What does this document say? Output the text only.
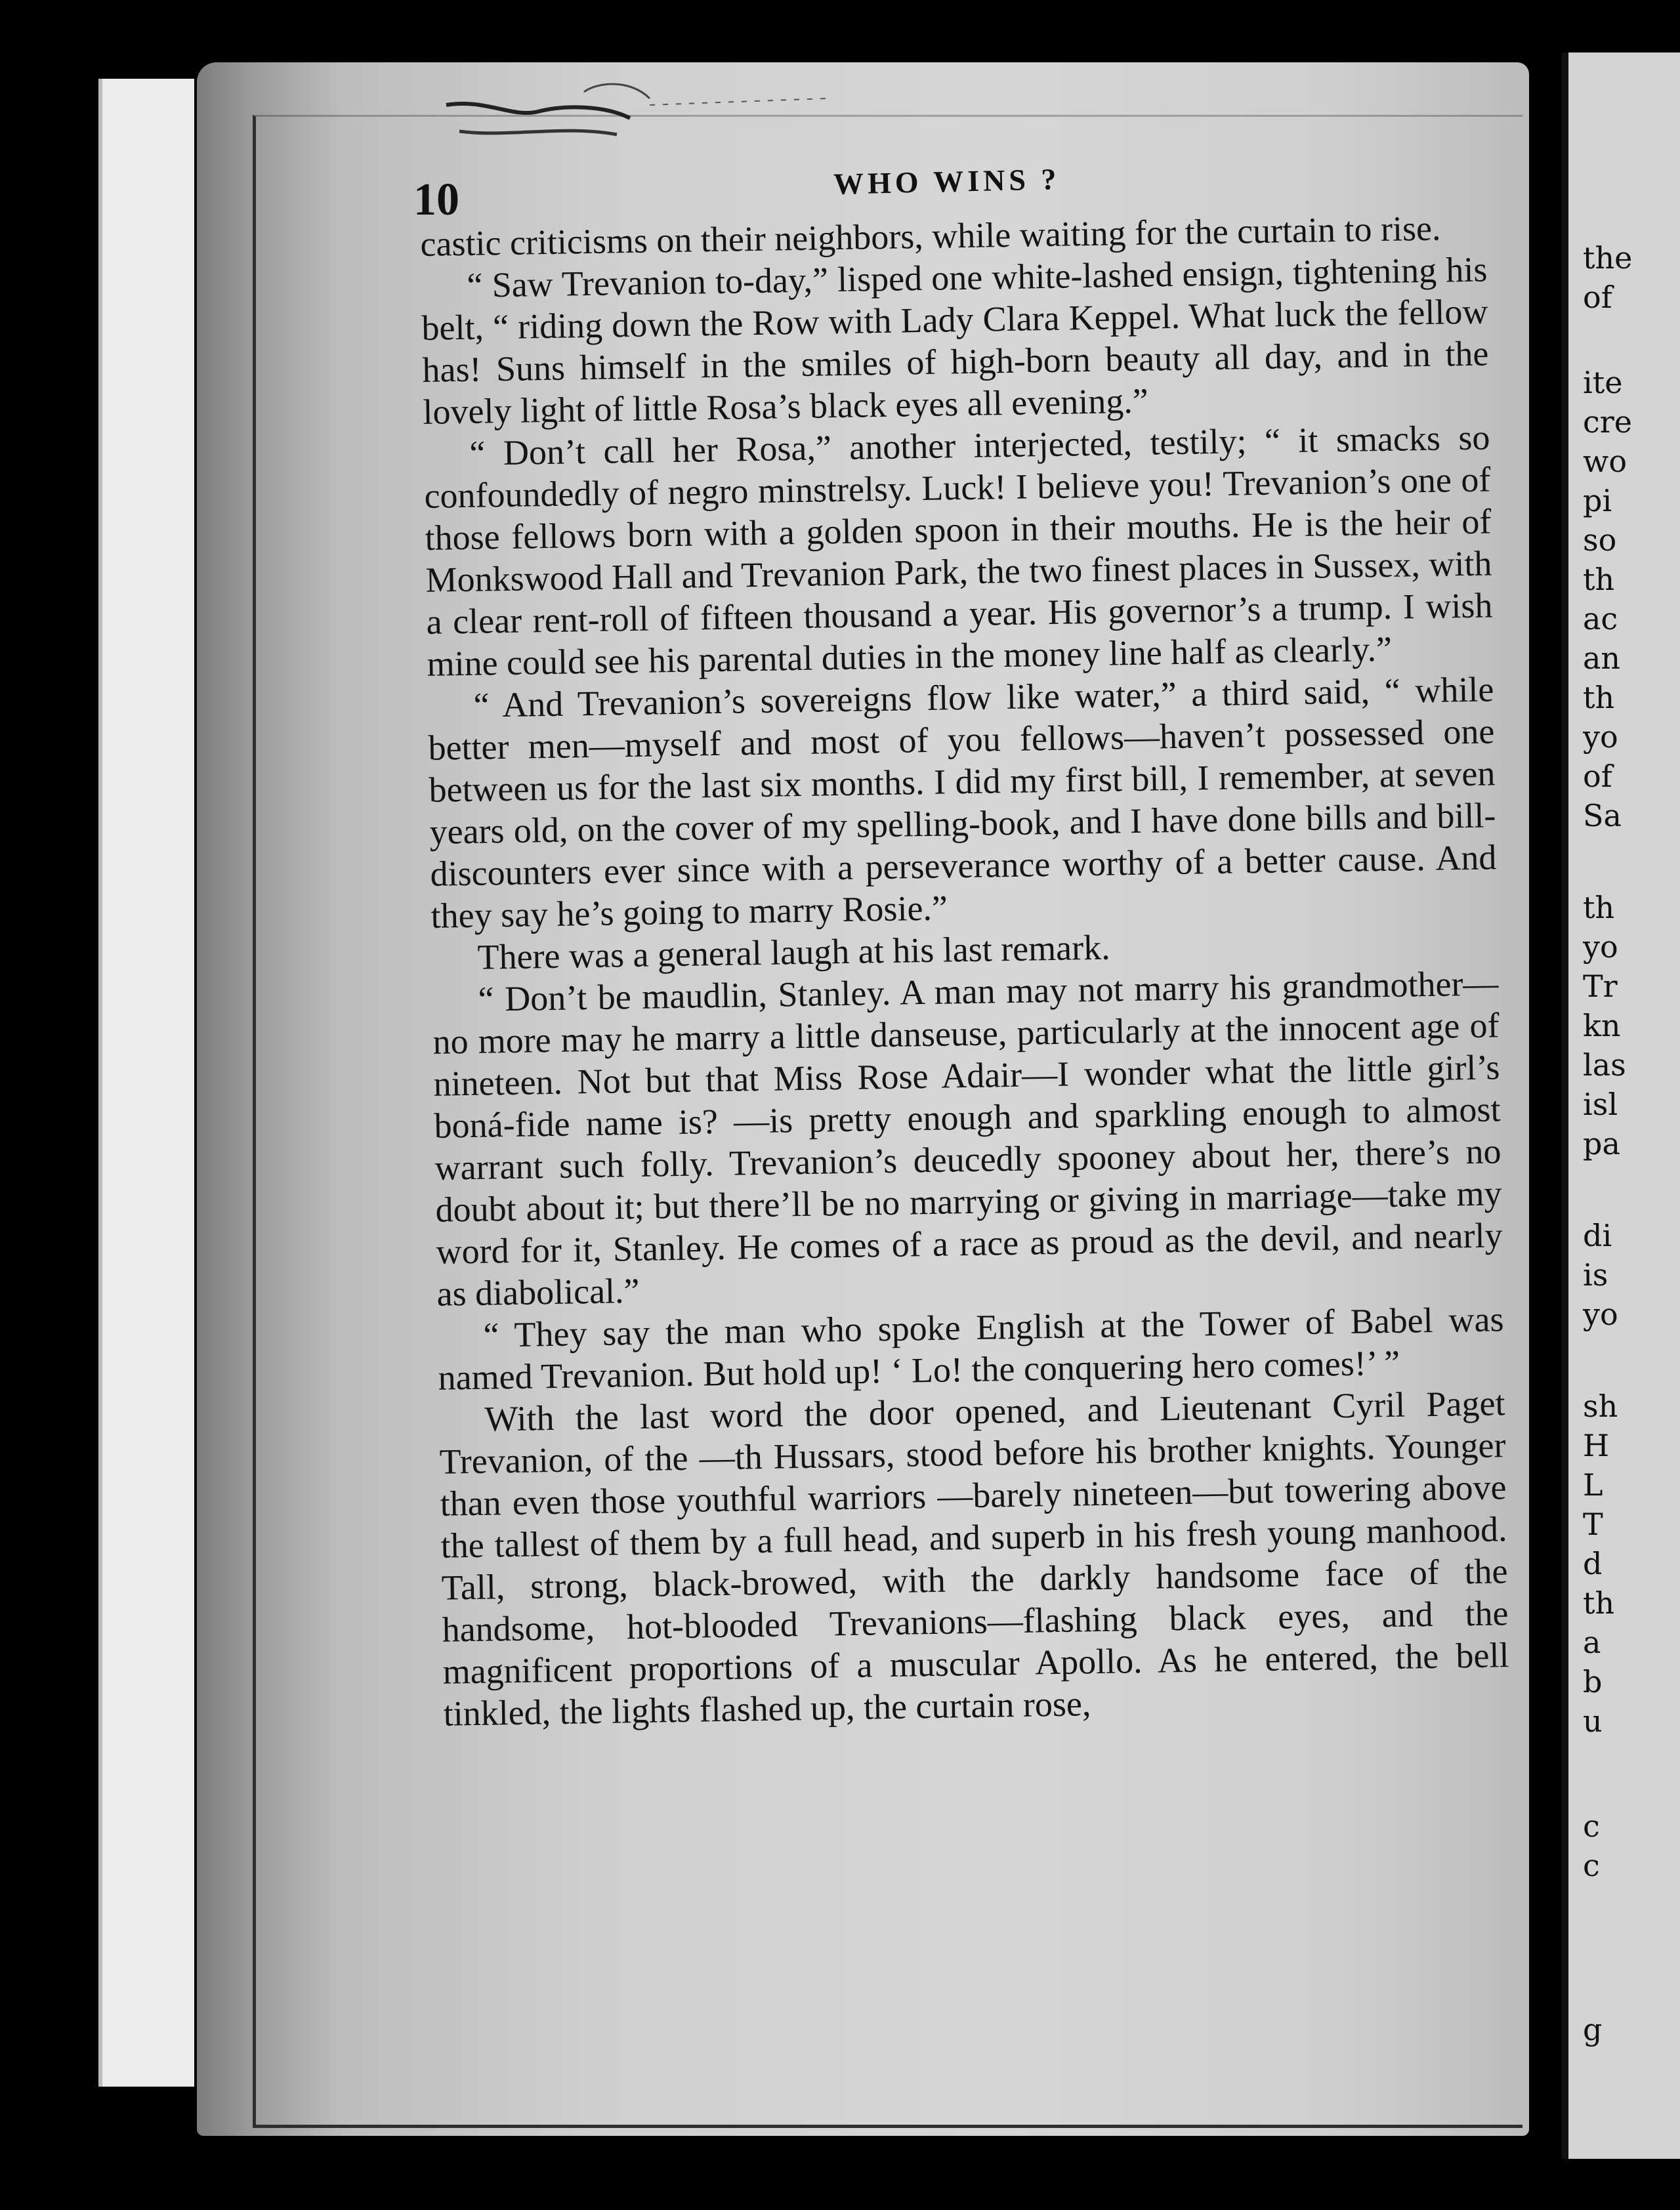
the
of
ite
cre
wo
pi
so
th
ac
an
th
yo
of
Sa
th
yo
Tr
kn
las
isl
pa
di
is
yo
sh
H
L
T
d
th
a
b
u
c
c
g
10	WHO WINS ?

castic criticisms on their neighbors, while waiting for the curtain to rise.

“ Saw Trevanion to-day,” lisped one white-lashed ensign, tightening his belt, “ riding down the Row with Lady Clara Keppel. What luck the fellow has! Suns himself in the smiles of high-born beauty all day, and in the lovely light of little Rosa’s black eyes all evening.”

“ Don’t call her Rosa,” another interjected, testily; “ it smacks so confoundedly of negro minstrelsy. Luck! I believe you! Trevanion’s one of those fellows born with a golden spoon in their mouths. He is the heir of Monkswood Hall and Trevanion Park, the two finest places in Sussex, with a clear rent-roll of fifteen thousand a year. His governor’s a trump. I wish mine could see his parental duties in the money line half as clearly.”

“ And Trevanion’s sovereigns flow like water,” a third said, “ while better men—myself and most of you fellows—haven’t possessed one between us for the last six months. I did my first bill, I remember, at seven years old, on the cover of my spelling-book, and I have done bills and bill-discounters ever since with a perseverance worthy of a better cause. And they say he’s going to marry Rosie.”

There was a general laugh at his last remark.

“ Don’t be maudlin, Stanley. A man may not marry his grandmother—no more may he marry a little danseuse, particularly at the innocent age of nineteen. Not but that Miss Rose Adair—I wonder what the little girl’s boná-fide name is? —is pretty enough and sparkling enough to almost warrant such folly. Trevanion’s deucedly spooney about her, there’s no doubt about it; but there’ll be no marrying or giving in marriage—take my word for it, Stanley. He comes of a race as proud as the devil, and nearly as diabolical.”

“ They say the man who spoke English at the Tower of Babel was named Trevanion. But hold up! ‘ Lo! the conquering hero comes!’ ”

With the last word the door opened, and Lieutenant Cyril Paget Trevanion, of the —th Hussars, stood before his brother knights. Younger than even those youthful warriors —barely nineteen—but towering above the tallest of them by a full head, and superb in his fresh young manhood. Tall, strong, black-browed, with the darkly handsome face of the handsome, hot-blooded Trevanions—flashing black eyes, and the magnificent proportions of a muscular Apollo. As he entered, the bell tinkled, the lights flashed up, the curtain rose,
